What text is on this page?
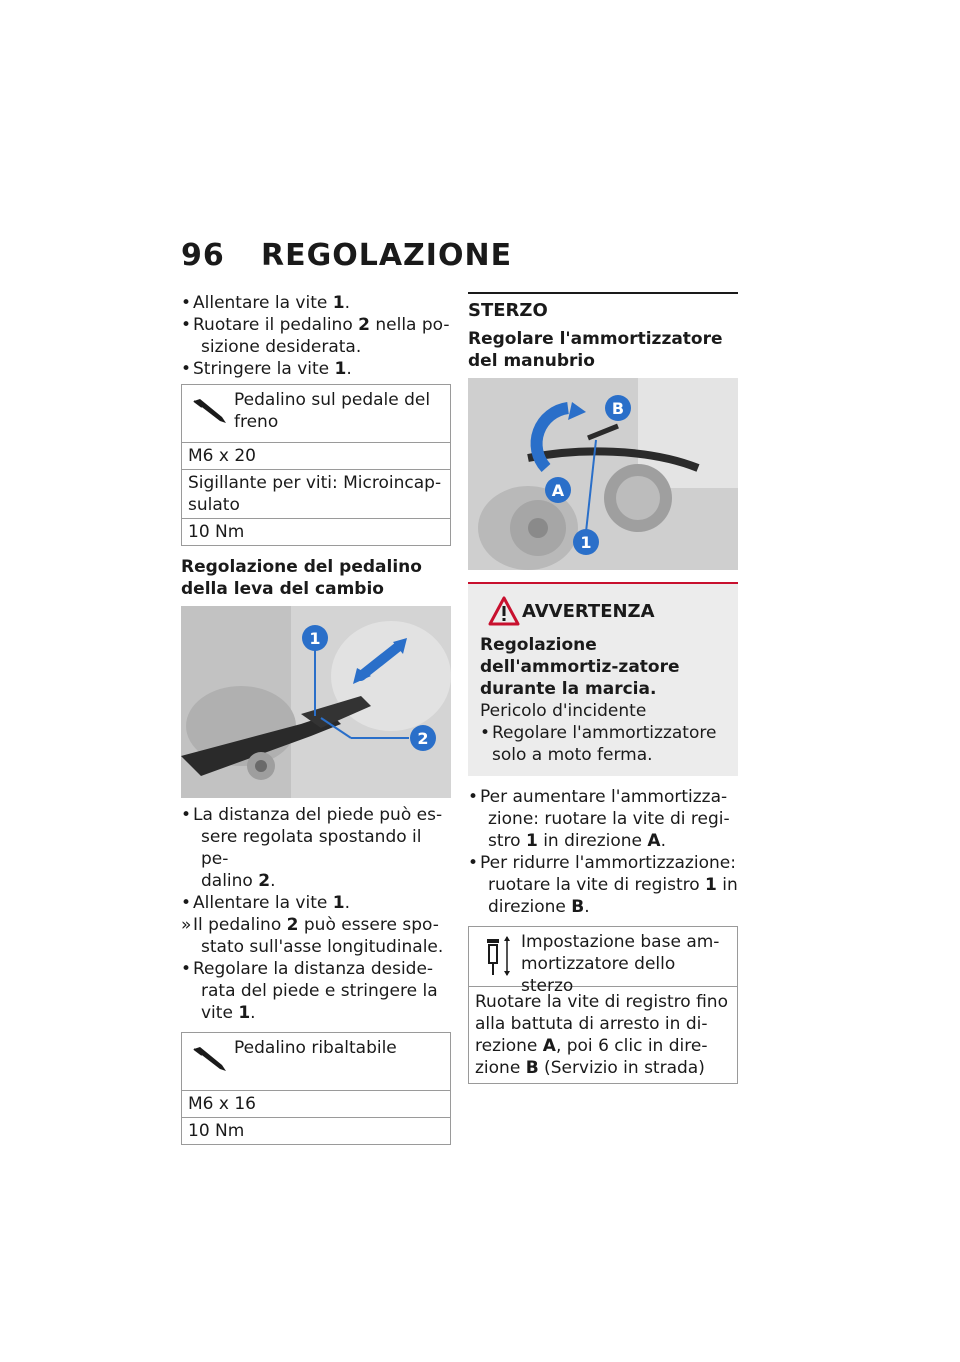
96 REGOLAZIONE
• Allentare la vite 1.
• Ruotare il pedalino 2 nella po-
sizione desiderata.
• Stringere la vite 1.
Pedalino sul pedale del freno
M6 x 20
Sigillante per viti: Microincap-sulato
10 Nm
Regolazione del pedalino della leva del cambio
1
2
• La distanza del piede può es-
sere regolata spostando il pe-
dalino 2.
• Allentare la vite 1.
» Il pedalino 2 può essere spo-
stato sull'asse longitudinale.
• Regolare la distanza deside-
rata del piede e stringere la
vite 1.
Pedalino ribaltabile
M6 x 16
10 Nm
STERZO
Regolare l'ammortizzatore del manubrio
B
A
1
AVVERTENZA
Regolazione dell'ammortiz-zatore durante la marcia.
Pericolo d'incidente
• Regolare l'ammortizzatore solo a moto ferma.
• Per aumentare l'ammortizza-
zione: ruotare la vite di regi-
stro 1 in direzione A.
• Per ridurre l'ammortizzazione:
ruotare la vite di registro 1 in
direzione B.
Impostazione base am-mortizzatore dello sterzo
Ruotare la vite di registro fino alla battuta di arresto in di-rezione A, poi 6 clic in dire-zione B (Servizio in strada)
